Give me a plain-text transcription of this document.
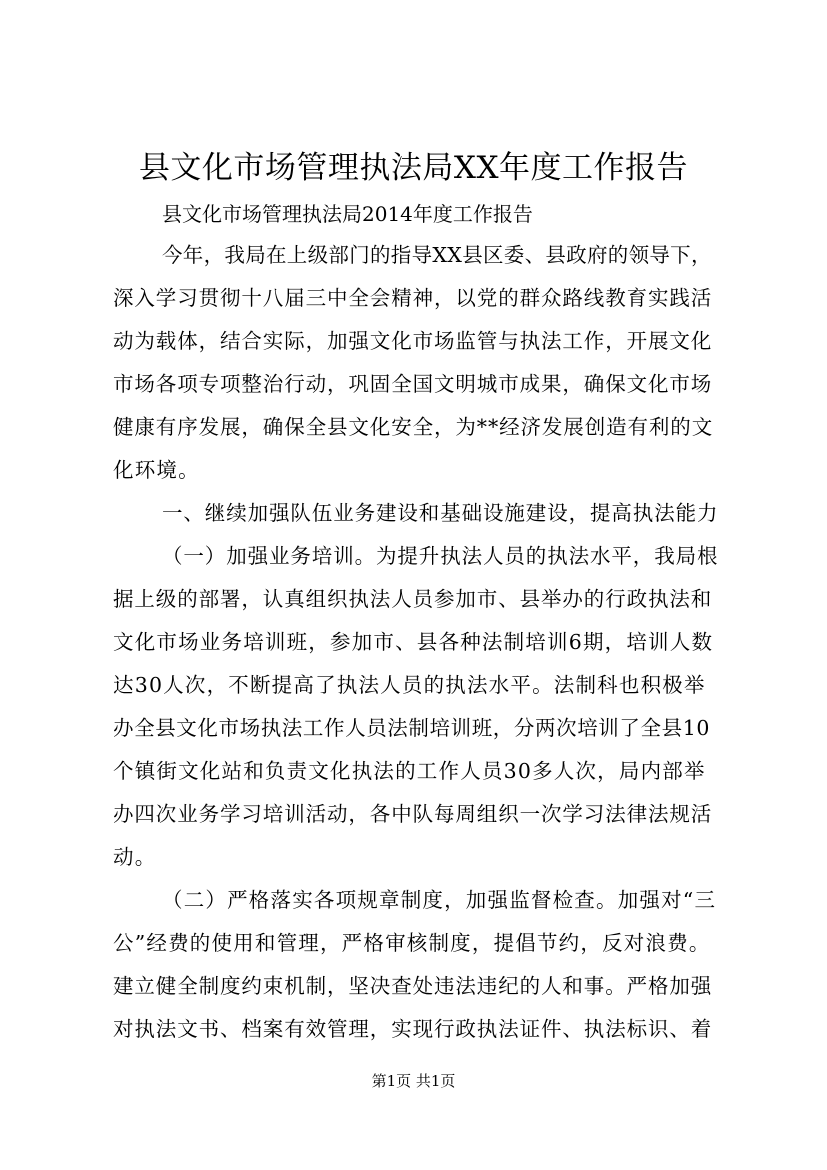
县文化市场管理执法局XX年度工作报告
县文化市场管理执法局2014年度工作报告
今年，我局在上级部门的指导XX县区委、县政府的领导下，
深入学习贯彻十八届三中全会精神，以党的群众路线教育实践活
动为载体，结合实际，加强文化市场监管与执法工作，开展文化
市场各项专项整治行动，巩固全国文明城市成果，确保文化市场
健康有序发展，确保全县文化安全，为**经济发展创造有利的文
化环境。
一、继续加强队伍业务建设和基础设施建设，提高执法能力
（一）加强业务培训。为提升执法人员的执法水平，我局根
据上级的部署，认真组织执法人员参加市、县举办的行政执法和
文化市场业务培训班，参加市、县各种法制培训6期，培训人数
达30人次，不断提高了执法人员的执法水平。法制科也积极举
办全县文化市场执法工作人员法制培训班，分两次培训了全县10
个镇街文化站和负责文化执法的工作人员30多人次，局内部举
办四次业务学习培训活动，各中队每周组织一次学习法律法规活
动。
（二）严格落实各项规章制度，加强监督检查。加强对“三
公”经费的使用和管理，严格审核制度，提倡节约，反对浪费。
建立健全制度约束机制，坚决查处违法违纪的人和事。严格加强
对执法文书、档案有效管理，实现行政执法证件、执法标识、着
第1页 共1页
